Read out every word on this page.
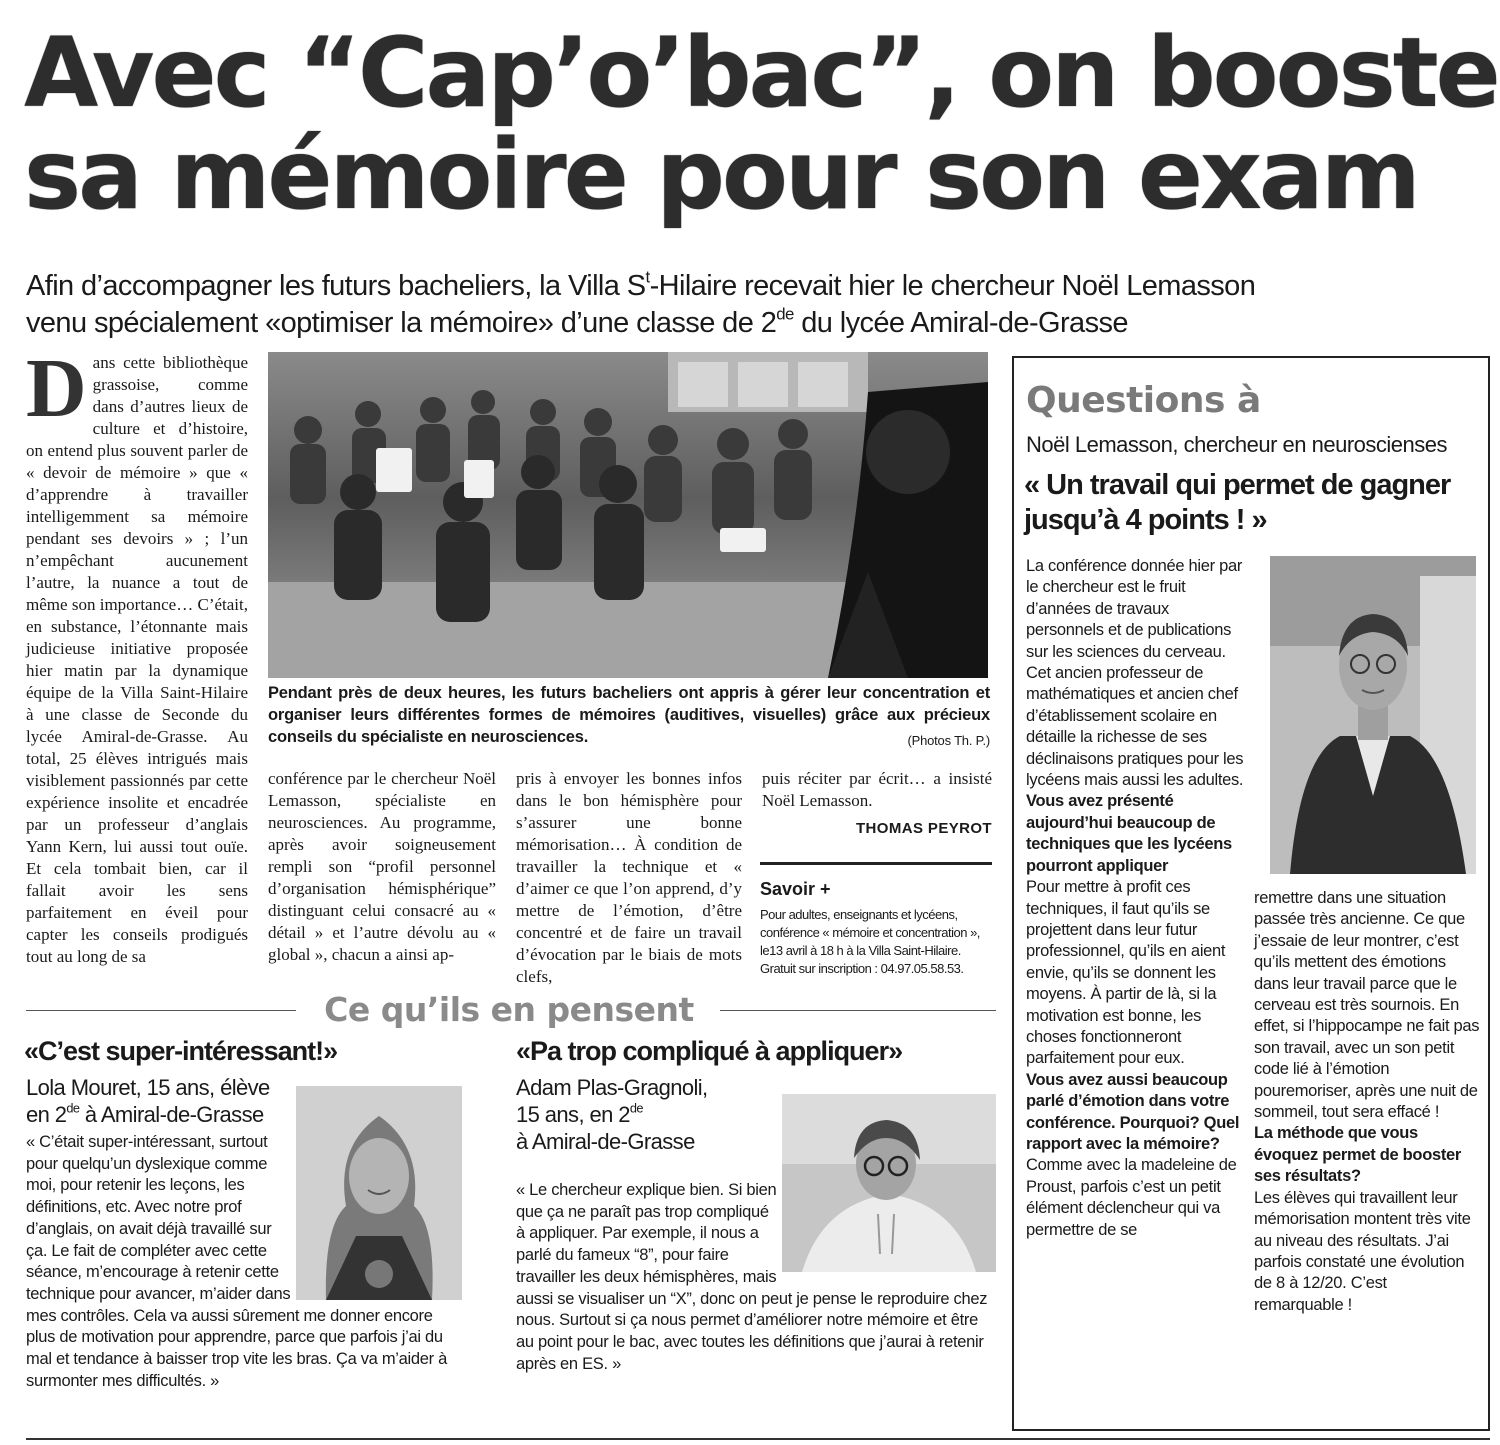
Avec “Cap’o’bac”, on booste
sa mémoire pour son exam
Afin d’accompagner les futurs bacheliers, la Villa $S^t$-Hilaire recevait hier le chercheur Noël Lemasson
venu spécialement «optimiser la mémoire» d’une classe de 2de du lycée Amiral-de-Grasse
Dans cette bibliothèque grassoise, comme dans d’autres lieux de culture et d’histoire, on entend plus souvent parler de « devoir de mémoire » que « d’apprendre à travailler intelligemment sa mémoire pendant ses devoirs » ; l’un n’empêchant aucunement l’autre, la nuance a tout de même son importance… C’était, en substance, l’étonnante mais judicieuse initiative proposée hier matin par la dynamique équipe de la Villa Saint-Hilaire à une classe de Seconde du lycée Amiral-de-Grasse. Au total, 25 élèves intrigués mais visiblement passionnés par cette expérience insolite et encadrée par un professeur d’anglais Yann Kern, lui aussi tout ouïe. Et cela tombait bien, car il fallait avoir les sens parfaitement en éveil pour capter les conseils prodigués tout au long de sa
Pendant près de deux heures, les futurs bacheliers ont appris à gérer leur concentration et organiser leurs différentes formes de mémoires (auditives, visuelles) grâce aux précieux conseils du spécialiste en neurosciences.	(Photos Th. P.)
conférence par le chercheur Noël Lemasson, spécialiste en neurosciences. Au programme, après avoir soigneusement rempli son “profil personnel d’organisation hémisphérique” distinguant celui consacré au « détail » et l’autre dévolu au « global », chacun a ainsi ap-
pris à envoyer les bonnes infos dans le bon hémisphère pour s’assurer une bonne mémorisation… À condition de travailler la technique et « d’aimer ce que l’on apprend, d’y mettre de l’émotion, d’être concentré et de faire un travail d’évocation par le biais de mots clefs,
puis réciter par écrit… a insisté Noël Lemasson.
THOMAS PEYROT
Savoir +
Pour adultes, enseignants et lycéens, conférence « mémoire et concentration », le13 avril à 18 h à la Villa Saint-Hilaire. Gratuit sur inscription : 04.97.05.58.53.
Questions à
Noël Lemasson, chercheur en neuroscienses
« Un travail qui permet de gagner jusqu’à 4 points ! »
La conférence donnée hier par le chercheur est le fruit d’années de travaux personnels et de publications sur les sciences du cerveau. Cet ancien professeur de mathématiques et ancien chef d’établissement scolaire en détaille la richesse de ses déclinaisons pratiques pour les lycéens mais aussi les adultes.
Vous avez présenté aujourd’hui beaucoup de techniques que les lycéens pourront appliquer
Pour mettre à profit ces techniques, il faut qu’ils se projettent dans leur futur professionnel, qu’ils en aient envie, qu’ils se donnent les moyens. À partir de là, si la motivation est bonne, les choses fonctionneront parfaitement pour eux.
Vous avez aussi beaucoup parlé d’émotion dans votre conférence. Pourquoi? Quel rapport avec la mémoire?
Comme avec la madeleine de Proust, parfois c’est un petit élément déclencheur qui va permettre de se
remettre dans une situation passée très ancienne. Ce que j’essaie de leur montrer, c’est qu’ils mettent des émotions dans leur travail parce que le cerveau est très sournois. En effet, si l’hippocampe ne fait pas son travail, avec un son petit code lié à l’émotion pouremoriser, après une nuit de sommeil, tout sera effacé !
La méthode que vous évoquez permet de booster ses résultats?
Les élèves qui travaillent leur mémorisation montent très vite au niveau des résultats. J’ai parfois constaté une évolution de 8 à 12/20. C’est remarquable !
Ce qu’ils en pensent
«C’est super-intéressant!»
Lola Mouret, 15 ans, élève
en 2de à Amiral-de-Grasse
« C’était super-intéressant, surtout pour quelqu’un dyslexique comme moi, pour retenir les leçons, les définitions, etc. Avec notre prof d’anglais, on avait déjà travaillé sur ça. Le fait de compléter avec cette séance, m’encourage à retenir cette technique pour avancer, m’aider dans mes contrôles. Cela va aussi sûrement me donner encore plus de motivation pour apprendre, parce que parfois j’ai du mal et tendance à baisser trop vite les bras. Ça va m’aider à surmonter mes difficultés. »
«Pa trop compliqué à appliquer»
Adam Plas-Gragnoli,
15 ans, en 2de
à Amiral-de-Grasse
« Le chercheur explique bien. Si bien que ça ne paraît pas trop compliqué à appliquer. Par exemple, il nous a parlé du fameux “8”, pour faire travailler les deux hémisphères, mais aussi se visualiser un “X”, donc on peut je pense le reproduire chez nous. Surtout si ça nous permet d’améliorer notre mémoire et être au point pour le bac, avec toutes les définitions que j’aurai à retenir après en ES. »
